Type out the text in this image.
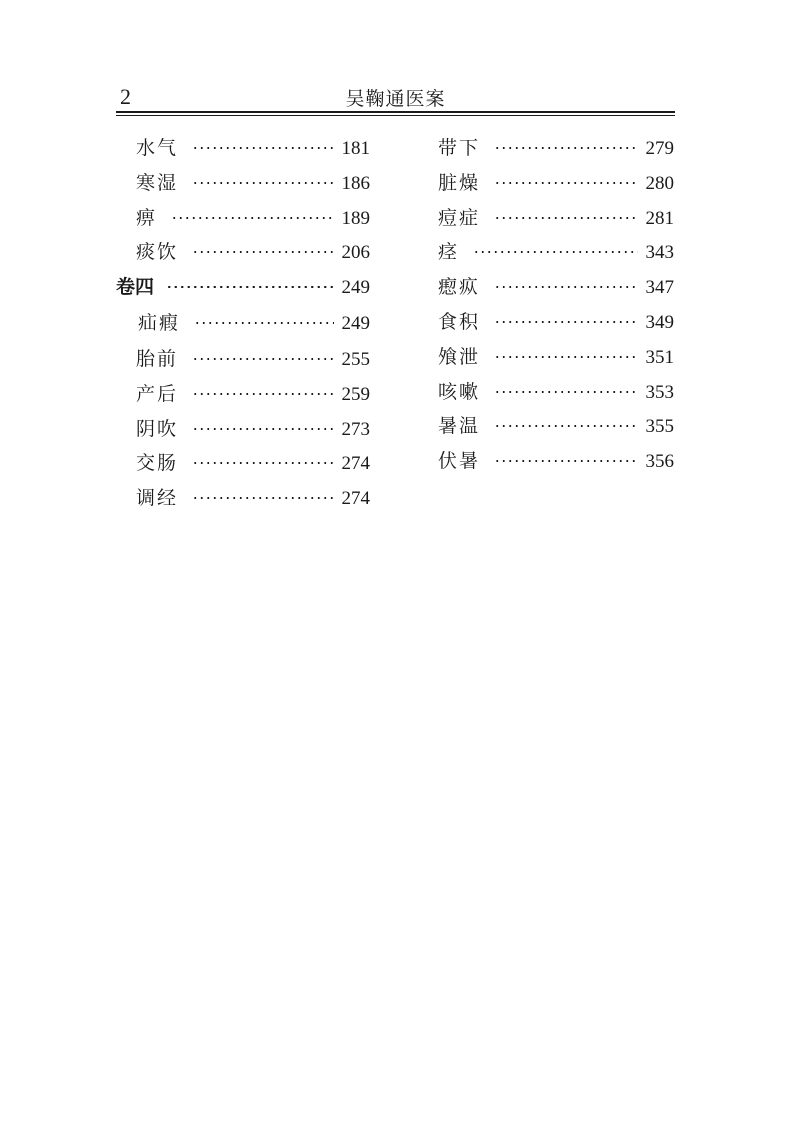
2	吴鞠通医案
水气	181
寒湿	186
痹	189
痰饮	206
卷四	249
疝瘕	249
胎前	255
产后	259
阴吹	273
交肠	274
调经	274
带下	279
脏燥	280
痘症	281
痉	343
瘛疭	347
食积	349
飧泄	351
咳嗽	353
暑温	355
伏暑	356
